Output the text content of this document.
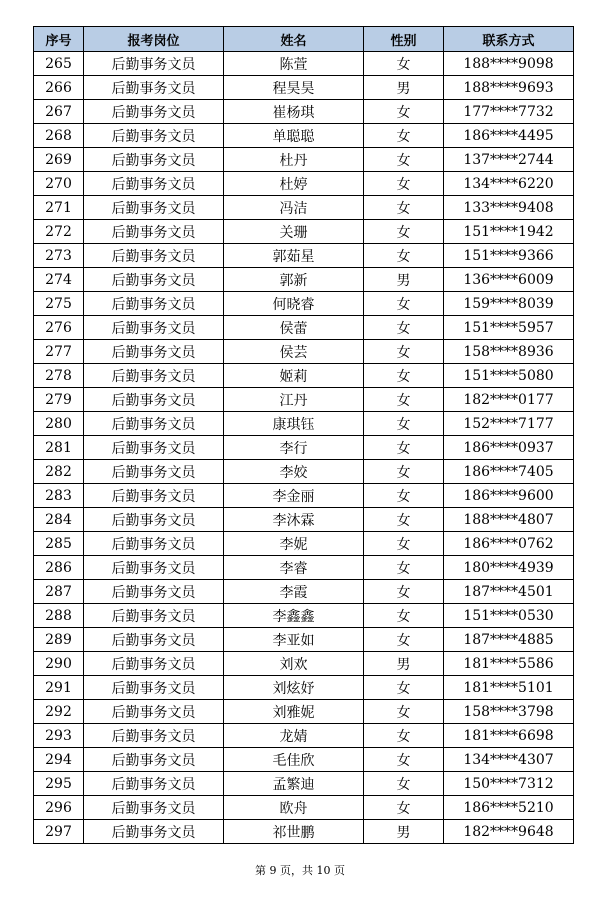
序号	报考岗位	姓名	性别	联系方式
265	后勤事务文员	陈萱	女	188****9098
266	后勤事务文员	程昊昊	男	188****9693
267	后勤事务文员	崔杨琪	女	177****7732
268	后勤事务文员	单聪聪	女	186****4495
269	后勤事务文员	杜丹	女	137****2744
270	后勤事务文员	杜婷	女	134****6220
271	后勤事务文员	冯洁	女	133****9408
272	后勤事务文员	关珊	女	151****1942
273	后勤事务文员	郭茹星	女	151****9366
274	后勤事务文员	郭新	男	136****6009
275	后勤事务文员	何晓睿	女	159****8039
276	后勤事务文员	侯蕾	女	151****5957
277	后勤事务文员	侯芸	女	158****8936
278	后勤事务文员	姬莉	女	151****5080
279	后勤事务文员	江丹	女	182****0177
280	后勤事务文员	康琪钰	女	152****7177
281	后勤事务文员	李行	女	186****0937
282	后勤事务文员	李姣	女	186****7405
283	后勤事务文员	李金丽	女	186****9600
284	后勤事务文员	李沐霖	女	188****4807
285	后勤事务文员	李妮	女	186****0762
286	后勤事务文员	李睿	女	180****4939
287	后勤事务文员	李霞	女	187****4501
288	后勤事务文员	李鑫鑫	女	151****0530
289	后勤事务文员	李亚如	女	187****4885
290	后勤事务文员	刘欢	男	181****5586
291	后勤事务文员	刘炫妤	女	181****5101
292	后勤事务文员	刘雅妮	女	158****3798
293	后勤事务文员	龙婧	女	181****6698
294	后勤事务文员	毛佳欣	女	134****4307
295	后勤事务文员	孟繁迪	女	150****7312
296	后勤事务文员	欧舟	女	186****5210
297	后勤事务文员	祁世鹏	男	182****9648
第 9 页，共 10 页
